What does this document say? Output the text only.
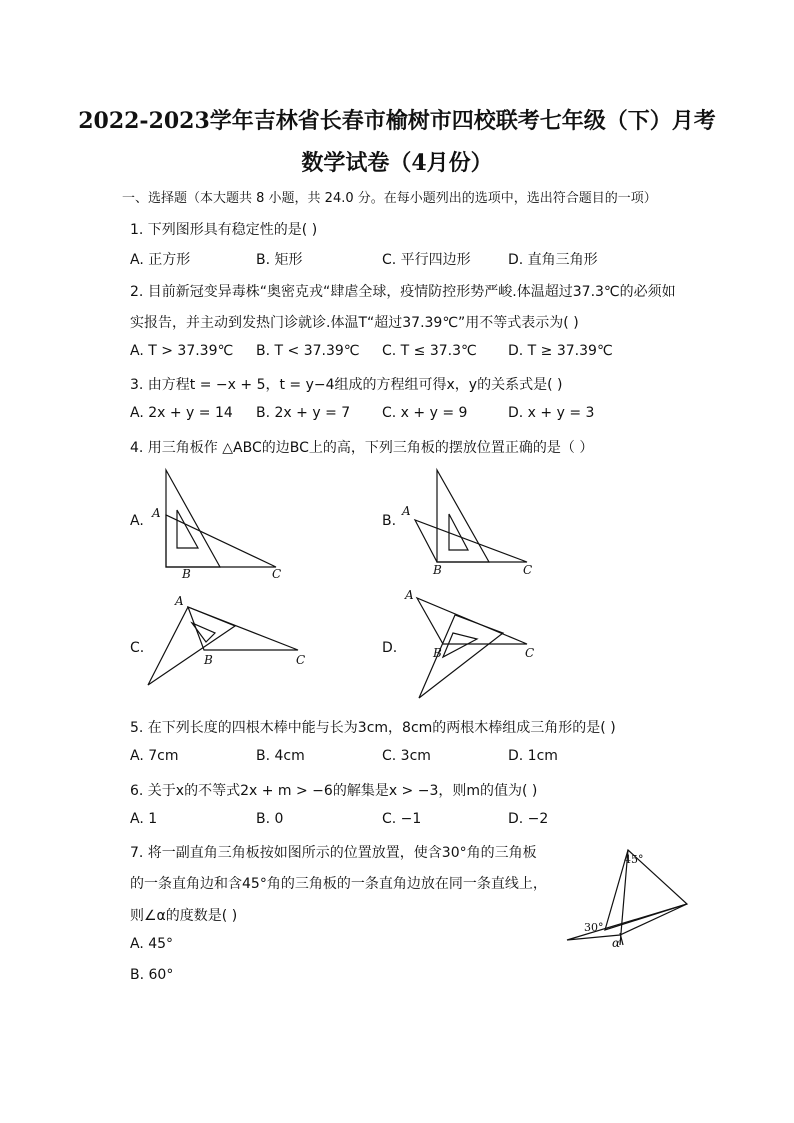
2022-2023学年吉林省长春市榆树市四校联考七年级（下）月考
数学试卷（4月份）
一、选择题（本大题共 8 小题，共 24.0 分。在每小题列出的选项中，选出符合题目的一项）
1. 下列图形具有稳定性的是( )
A. 正方形	B. 矩形	C. 平行四边形	D. 直角三角形
2. 目前新冠变异毒株“奥密克戎“肆虐全球，疫情防控形势严峻.体温超过37.3℃的必须如
实报告，并主动到发热门诊就诊.体温T“超过37.39℃”用不等式表示为( )
A. T > 37.39℃ B. T < 37.39℃ C. T ≤ 37.3℃ D. T ≥ 37.39℃
3. 由方程t = −x + 5，t = y−4组成的方程组可得x，y的关系式是( )
A. 2x + y = 14 B. 2x + y = 7 C. x + y = 9	D. x + y = 3
4. 用三角板作 △ABC的边BC上的高，下列三角板的摆放位置正确的是（ ）
A. A
B	C
B.
A
B	C
C.
A
B	C
D.
A
B	C
5. 在下列长度的四根木棒中能与长为3cm，8cm的两根木棒组成三角形的是( )
A. 7cm	B. 4cm	C. 3cm	D. 1cm
6. 关于x的不等式2x + m > −6的解集是x > −3，则m的值为( )
A. 1	B. 0	C. −1	D. −2
7. 将一副直角三角板按如图所示的位置放置，使含30°角的三角板
的一条直角边和含45°角的三角板的一条直角边放在同一条直线上，
则∠α的度数是( )
A. 45°
B. 60°
45°
30°
α
